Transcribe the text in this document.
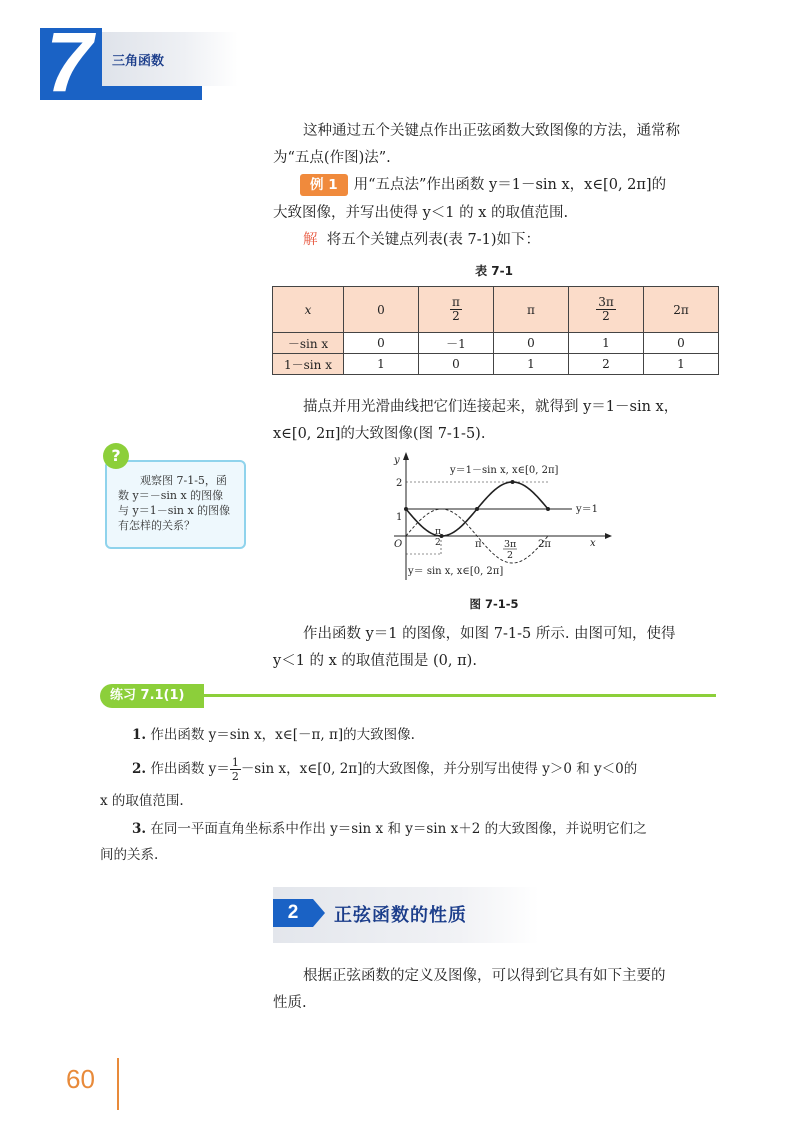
7 三角函数
这种通过五个关键点作出正弦函数大致图像的方法，通常称
为“五点(作图)法”.
例 1 用“五点法”作出函数 y＝1－sin x，x∈[0, 2π]的
大致图像，并写出使得 y＜1 的 x 的取值范围.
解 将五个关键点列表(表 7-1)如下：
表 7-1
x	0	$\frac{\pi}{2}$	π	$\frac{3\pi}{2}$	2π
－sin x	0	－1	0	1	0
1－sin x	1	0	1	2	1
描点并用光滑曲线把它们连接起来，就得到 y＝1－sin x，
x∈[0, 2π]的大致图像(图 7-1-5).
?
观察图 7-1-5，函
数 y＝－sin x 的图像
与 y＝1－sin x 的图像
有怎样的关系？
y
x
O
2
1
y＝1
π
2	π 3π
2
2π
y＝1－sin x, x∈[0, 2π]
y＝ sin x, x∈[0, 2π]
图 7-1-5
作出函数 y＝1 的图像，如图 7-1-5 所示. 由图可知，使得
y＜1 的 x 的取值范围是 (0, π).
练习 7.1(1)
1. 作出函数 y＝sin x，x∈[－π, π]的大致图像.
2. 作出函数 $y= \frac{1}{2} -\sin$ x，x∈[0, 2π]的大致图像，并分别写出使得 y＞0 和 y＜0的
x 的取值范围.
3. 在同一平面直角坐标系中作出 y＝sin x 和 y＝sin x＋2 的大致图像，并说明它们之
间的关系.
2	正弦函数的性质
根据正弦函数的定义及图像，可以得到它具有如下主要的
性质.
60
